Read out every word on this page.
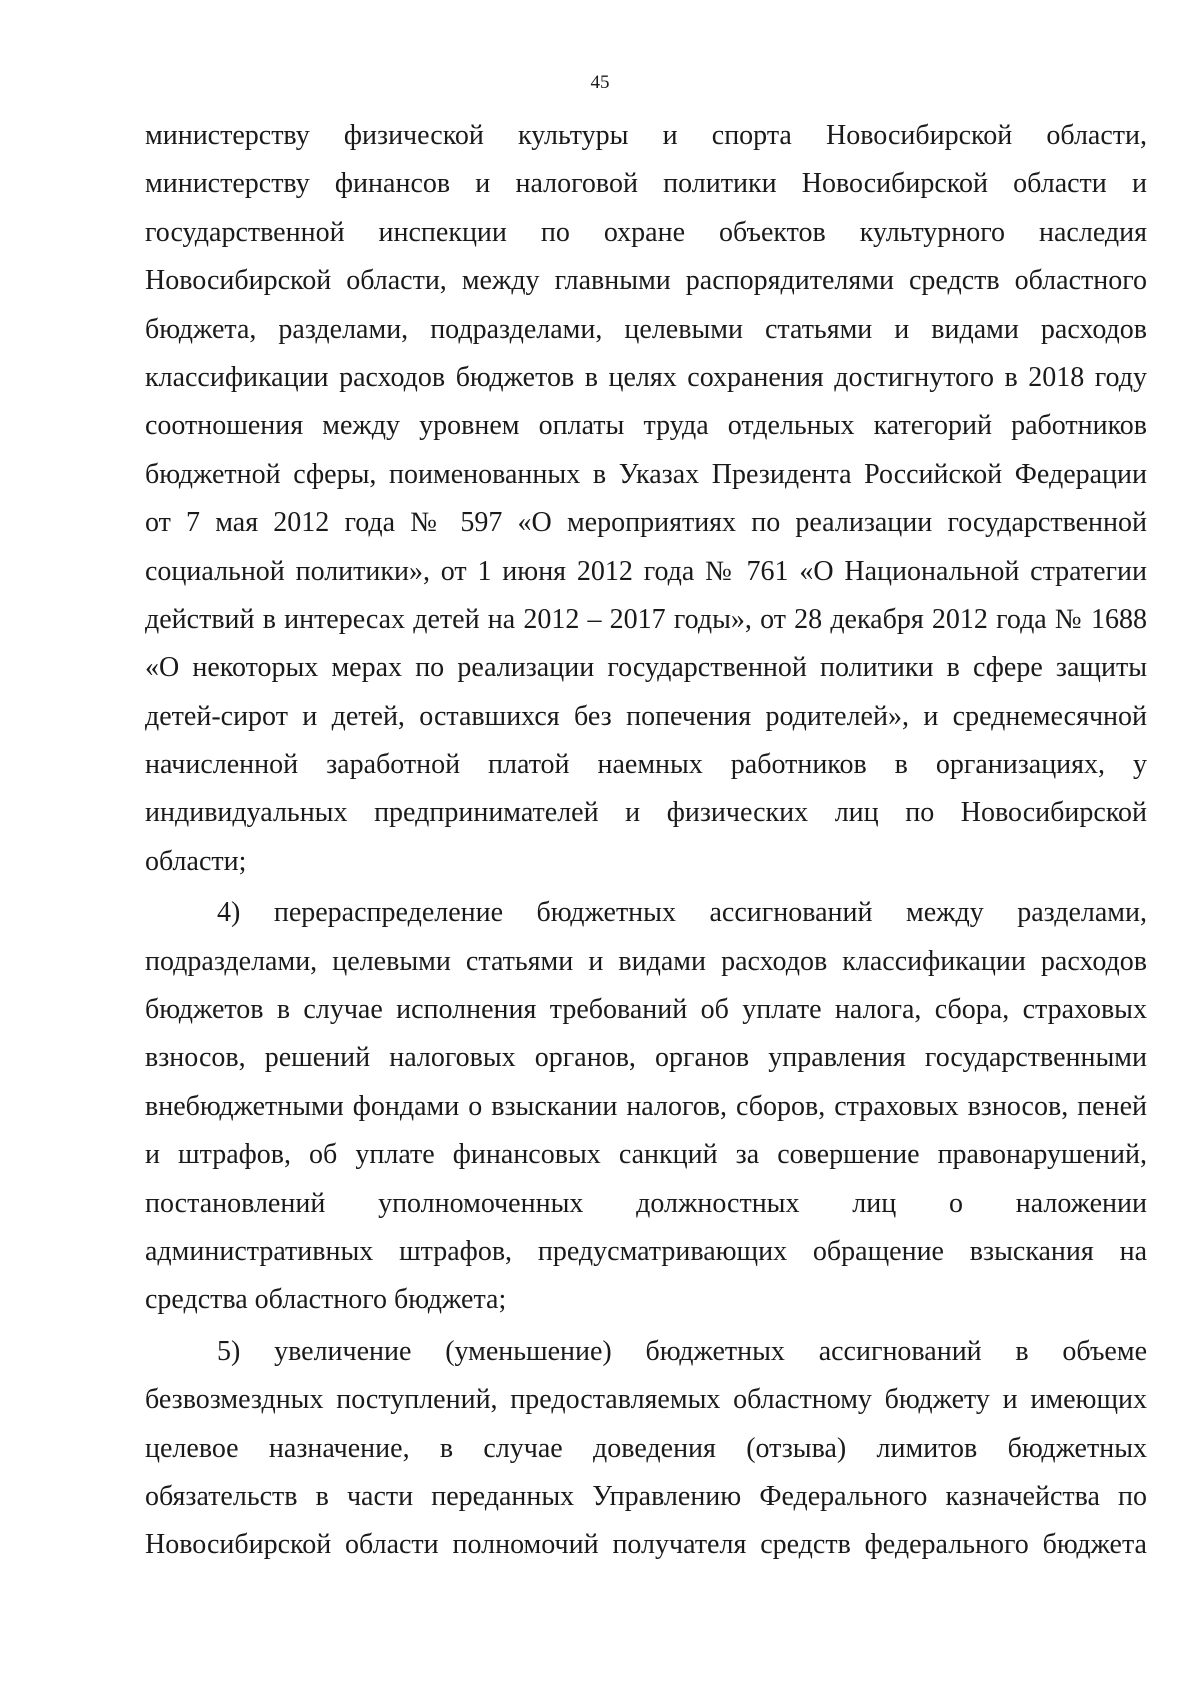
45
министерству физической культуры и спорта Новосибирской области,
министерству финансов и налоговой политики Новосибирской области и
государственной инспекции по охране объектов культурного наследия
Новосибирской области, между главными распорядителями средств областного
бюджета, разделами, подразделами, целевыми статьями и видами расходов
классификации расходов бюджетов в целях сохранения достигнутого в 2018 году
соотношения между уровнем оплаты труда отдельных категорий работников
бюджетной сферы, поименованных в Указах Президента Российской Федерации
от 7 мая 2012 года № 597 «О мероприятиях по реализации государственной
социальной политики», от 1 июня 2012 года № 761 «О Национальной стратегии
действий в интересах детей на 2012 – 2017 годы», от 28 декабря 2012 года № 1688
«О некоторых мерах по реализации государственной политики в сфере защиты
детей-сирот и детей, оставшихся без попечения родителей», и среднемесячной
начисленной заработной платой наемных работников в организациях, у
индивидуальных предпринимателей и физических лиц по Новосибирской
области;
4) перераспределение бюджетных ассигнований между разделами,
подразделами, целевыми статьями и видами расходов классификации расходов
бюджетов в случае исполнения требований об уплате налога, сбора, страховых
взносов, решений налоговых органов, органов управления государственными
внебюджетными фондами о взыскании налогов, сборов, страховых взносов, пеней
и штрафов, об уплате финансовых санкций за совершение правонарушений,
постановлений уполномоченных должностных лиц о наложении
административных штрафов, предусматривающих обращение взыскания на
средства областного бюджета;
5) увеличение (уменьшение) бюджетных ассигнований в объеме
безвозмездных поступлений, предоставляемых областному бюджету и имеющих
целевое назначение, в случае доведения (отзыва) лимитов бюджетных
обязательств в части переданных Управлению Федерального казначейства по
Новосибирской области полномочий получателя средств федерального бюджета
